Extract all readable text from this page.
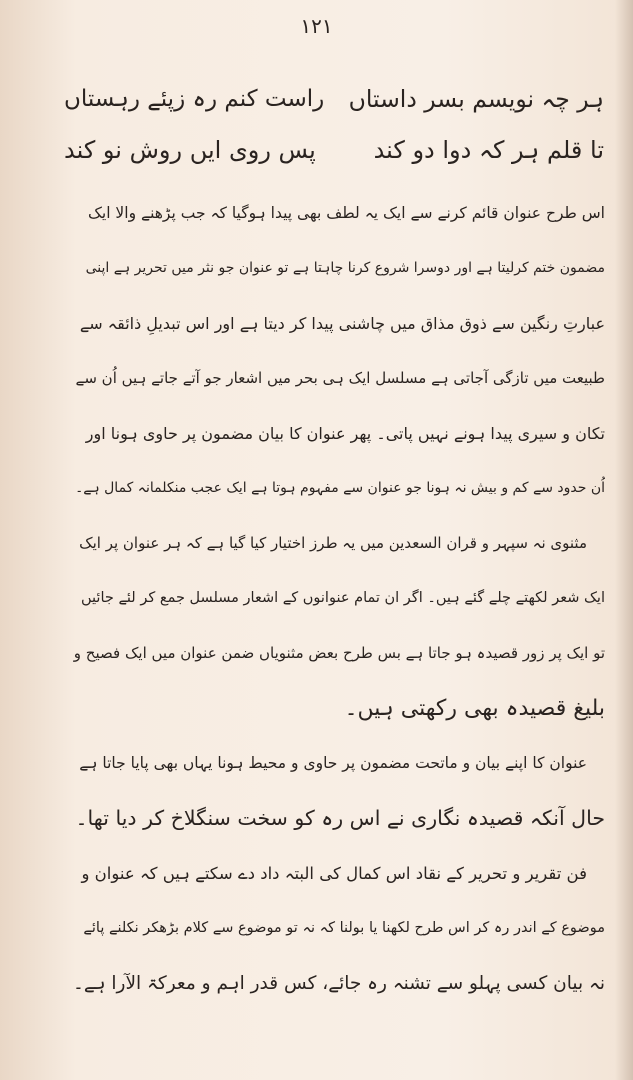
۱۲۱
ہر چہ نویسم بسر داستاں
راست کنم رہ زپئے رہستاں
تا قلم ہر کہ دوا دو کند
پس روی ایں روش نو کند

اس طرح عنوان قائم کرنے سے ایک یہ لطف بھی پیدا ہوگیا کہ جب پڑھنے والا ایک

مضمون ختم کرلیتا ہے اور دوسرا شروع کرنا چاہتا ہے تو عنوان جو نثر میں تحریر ہے اپنی

عبارتِ رنگین سے ذوق مذاق میں چاشنی پیدا کر دیتا ہے اور اس تبدیلِ ذائقہ سے

طبیعت میں تازگی آجاتی ہے مسلسل ایک ہی بحر میں اشعار جو آتے جاتے ہیں اُن سے

تکان و سیری پیدا ہونے نہیں پاتی۔ پھر عنوان کا بیان مضمون پر حاوی ہونا اور

اُن حدود سے کم و بیش نہ ہونا جو عنوان سے مفہوم ہوتا ہے ایک عجب منکلمانہ کمال ہے۔

مثنوی نہ سپہر و قران السعدین میں یہ طرز اختیار کیا گیا ہے کہ ہر عنوان پر ایک

ایک شعر لکھتے چلے گئے ہیں۔ اگر ان تمام عنوانوں کے اشعار مسلسل جمع کر لئے جائیں

تو ایک پر زور قصیدہ ہو جاتا ہے بس طرح بعض مثنویاں ضمن عنوان میں ایک فصیح و

بلیغ قصیدہ بھی رکھتی ہیں۔

عنوان کا اپنے بیان و ماتحت مضمون پر حاوی و محیط ہونا یہاں بھی پایا جاتا ہے

حال آنکہ قصیدہ نگاری نے اس رہ کو سخت سنگلاخ کر دیا تھا۔

فن تقریر و تحریر کے نقاد اس کمال کی البتہ داد دے سکتے ہیں کہ عنوان و

موضوع کے اندر رہ کر اس طرح لکھنا یا بولنا کہ نہ تو موضوع سے کلام بڑھکر نکلنے پائے

نہ بیان کسی پہلو سے تشنہ رہ جائے، کس قدر اہم و معرکۃ الآرا ہے۔
